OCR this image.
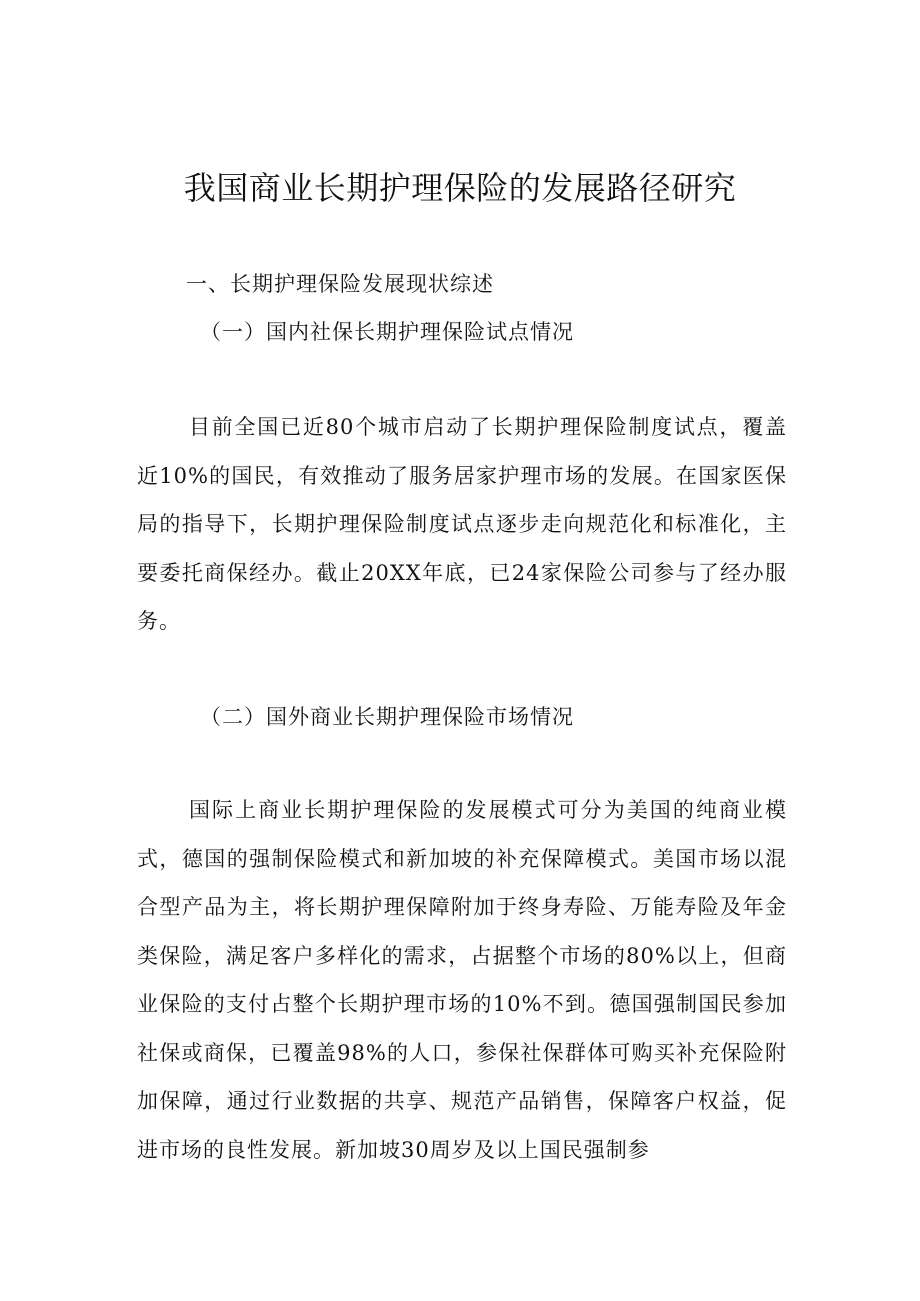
我国商业长期护理保险的发展路径研究
一、长期护理保险发展现状综述
（一）国内社保长期护理保险试点情况

目前全国已近80个城市启动了长期护理保险制度试点，覆盖近10%的国民，有效推动了服务居家护理市场的发展。在国家医保局的指导下，长期护理保险制度试点逐步走向规范化和标准化，主要委托商保经办。截止20XX年底，已24家保险公司参与了经办服务。

（二）国外商业长期护理保险市场情况

国际上商业长期护理保险的发展模式可分为美国的纯商业模式，德国的强制保险模式和新加坡的补充保障模式。美国市场以混合型产品为主，将长期护理保障附加于终身寿险、万能寿险及年金类保险，满足客户多样化的需求，占据整个市场的80%以上，但商业保险的支付占整个长期护理市场的10%不到。德国强制国民参加社保或商保，已覆盖98%的人口，参保社保群体可购买补充保险附加保障，通过行业数据的共享、规范产品销售，保障客户权益，促进市场的良性发展。新加坡30周岁及以上国民强制参
